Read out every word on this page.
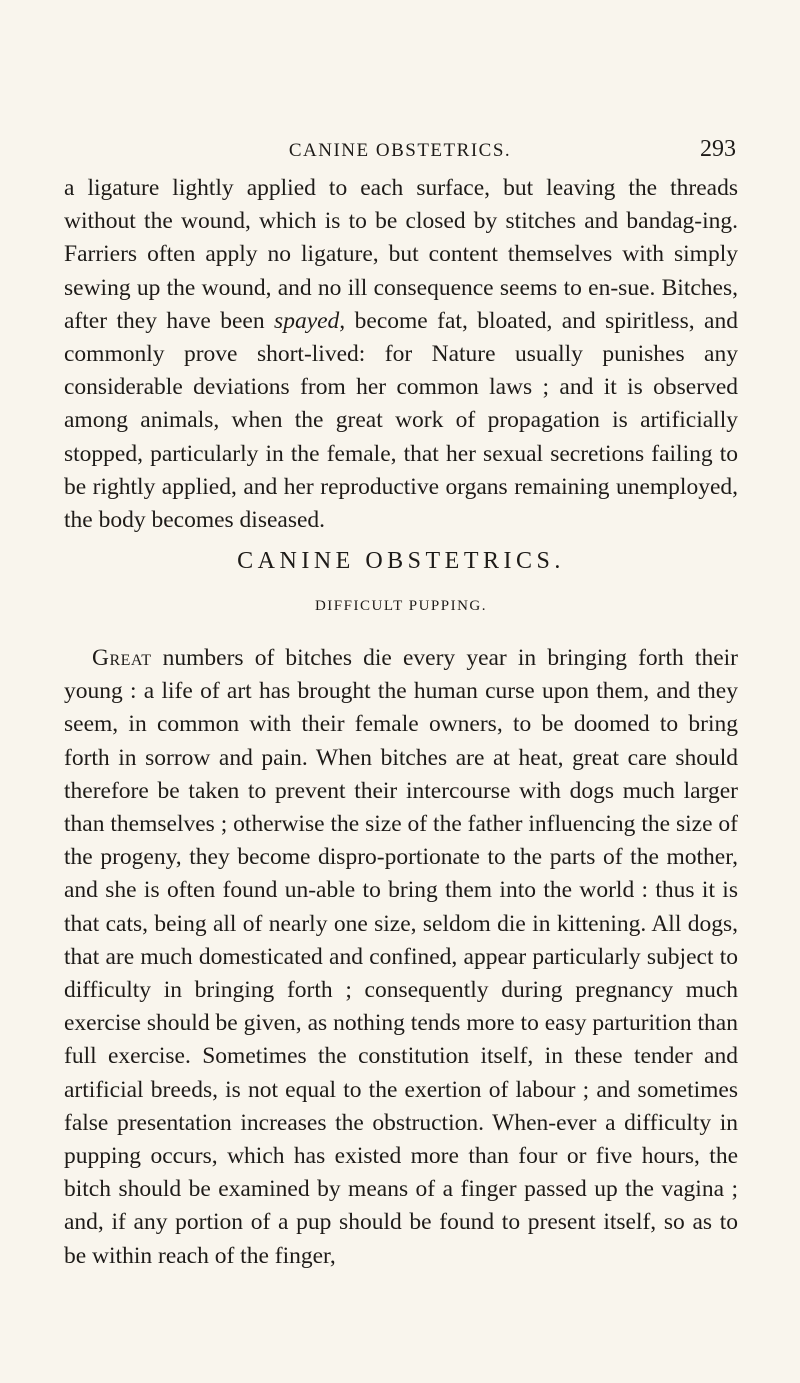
CANINE OBSTETRICS.	293

a ligature lightly applied to each surface, but leaving the threads without the wound, which is to be closed by stitches and bandag-ing. Farriers often apply no ligature, but content themselves with simply sewing up the wound, and no ill consequence seems to en-sue. Bitches, after they have been spayed, become fat, bloated, and spiritless, and commonly prove short-lived: for Nature usually punishes any considerable deviations from her common laws ; and it is observed among animals, when the great work of propagation is artificially stopped, particularly in the female, that her sexual secretions failing to be rightly applied, and her reproductive organs remaining unemployed, the body becomes diseased.

CANINE OBSTETRICS.
DIFFICULT PUPPING.

Great numbers of bitches die every year in bringing forth their young : a life of art has brought the human curse upon them, and they seem, in common with their female owners, to be doomed to bring forth in sorrow and pain. When bitches are at heat, great care should therefore be taken to prevent their intercourse with dogs much larger than themselves ; otherwise the size of the father influencing the size of the progeny, they become dispro-portionate to the parts of the mother, and she is often found un-able to bring them into the world : thus it is that cats, being all of nearly one size, seldom die in kittening. All dogs, that are much domesticated and confined, appear particularly subject to difficulty in bringing forth ; consequently during pregnancy much exercise should be given, as nothing tends more to easy parturition than full exercise. Sometimes the constitution itself, in these tender and artificial breeds, is not equal to the exertion of labour ; and sometimes false presentation increases the obstruction. When-ever a difficulty in pupping occurs, which has existed more than four or five hours, the bitch should be examined by means of a finger passed up the vagina ; and, if any portion of a pup should be found to present itself, so as to be within reach of the finger,
